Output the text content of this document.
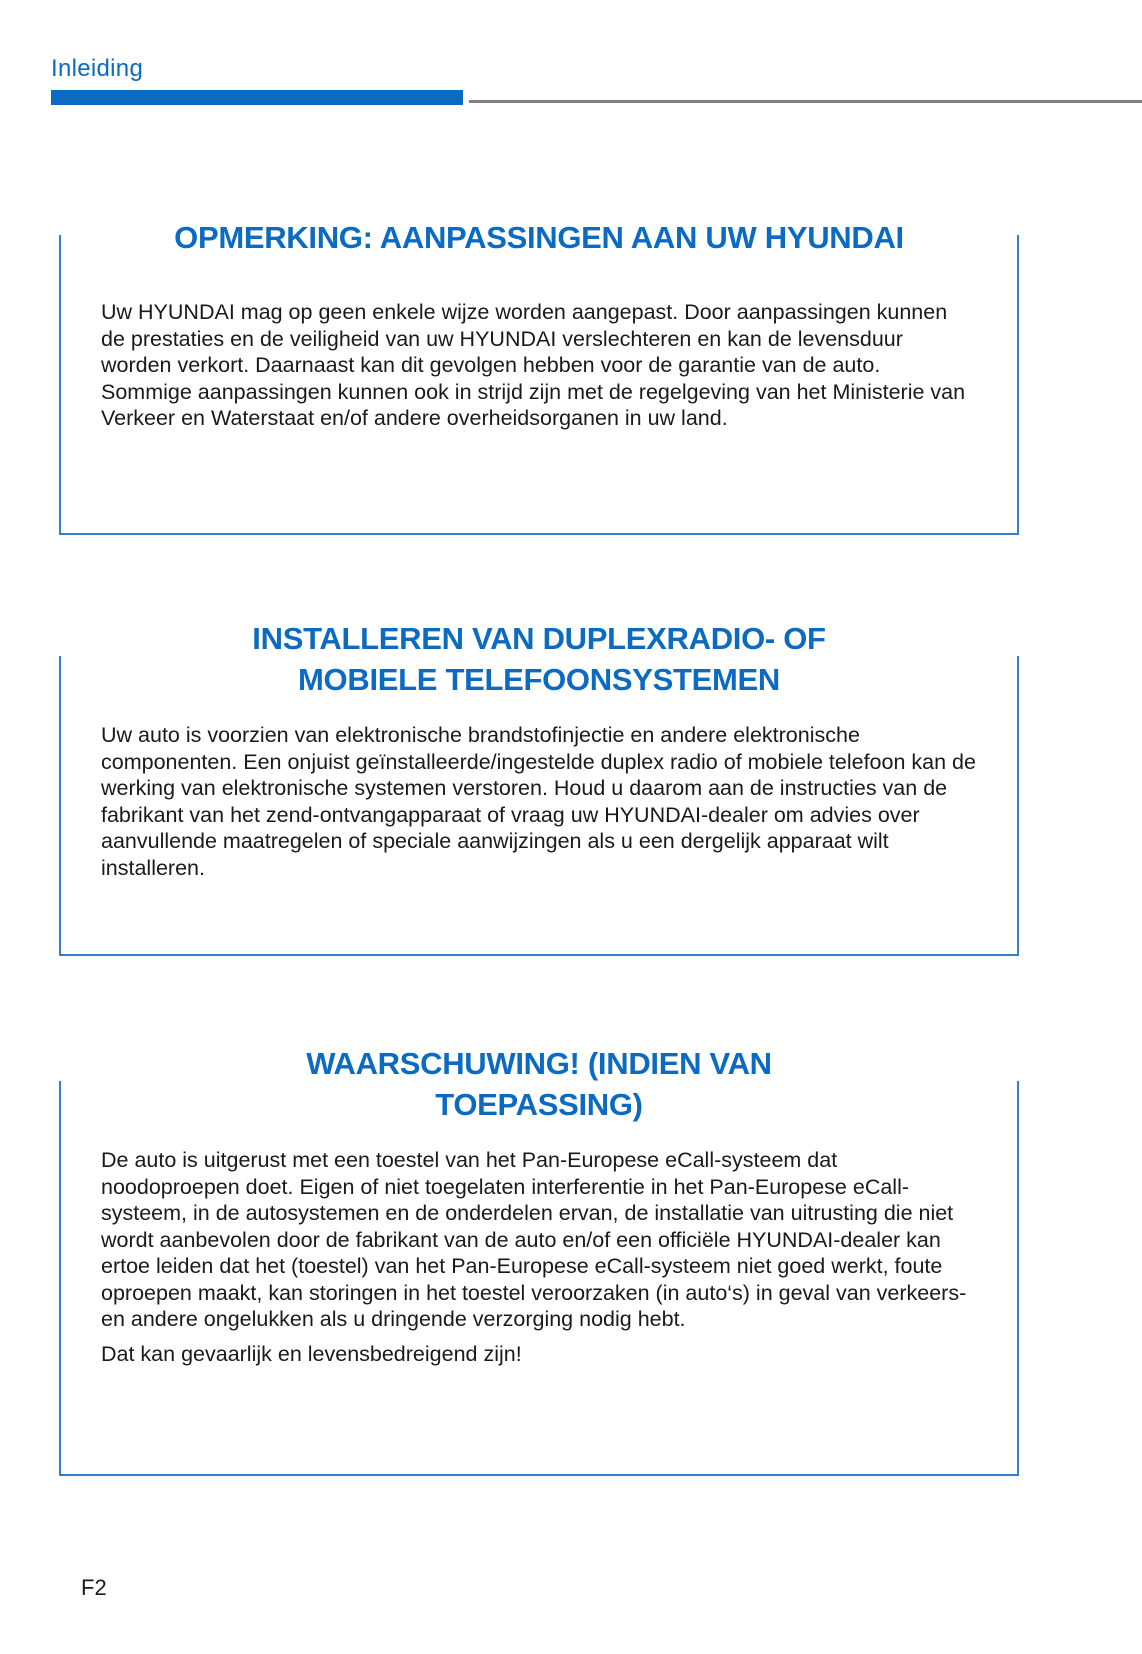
Inleiding
OPMERKING: AANPASSINGEN AAN UW HYUNDAI

Uw HYUNDAI mag op geen enkele wijze worden aangepast. Door aanpassingen kunnen de prestaties en de veiligheid van uw HYUNDAI verslechteren en kan de levensduur worden verkort. Daarnaast kan dit gevolgen hebben voor de garantie van de auto. Sommige aanpassingen kunnen ook in strijd zijn met de regelgeving van het Ministerie van Verkeer en Waterstaat en/of andere overheidsorganen in uw land.

INSTALLEREN VAN DUPLEXRADIO- OF
MOBIELE TELEFOONSYSTEMEN

Uw auto is voorzien van elektronische brandstofinjectie en andere elektronische componenten. Een onjuist geïnstalleerde/ingestelde duplex radio of mobiele telefoon kan de werking van elektronische systemen verstoren. Houd u daarom aan de instructies van de fabrikant van het zend-ontvangapparaat of vraag uw HYUNDAI-dealer om advies over aanvullende maatregelen of speciale aanwijzingen als u een dergelijk apparaat wilt installeren.

WAARSCHUWING! (INDIEN VAN
TOEPASSING)

De auto is uitgerust met een toestel van het Pan-Europese eCall-systeem dat noodoproepen doet. Eigen of niet toegelaten interferentie in het Pan-Europese eCall-systeem, in de autosystemen en de onderdelen ervan, de installatie van uitrusting die niet wordt aanbevolen door de fabrikant van de auto en/of een officiële HYUNDAI-dealer kan ertoe leiden dat het (toestel) van het Pan-Europese eCall-systeem niet goed werkt, foute oproepen maakt, kan storingen in het toestel veroorzaken (in auto‘s) in geval van verkeers- en andere ongelukken als u dringende verzorging nodig hebt.

Dat kan gevaarlijk en levensbedreigend zijn!

F2
